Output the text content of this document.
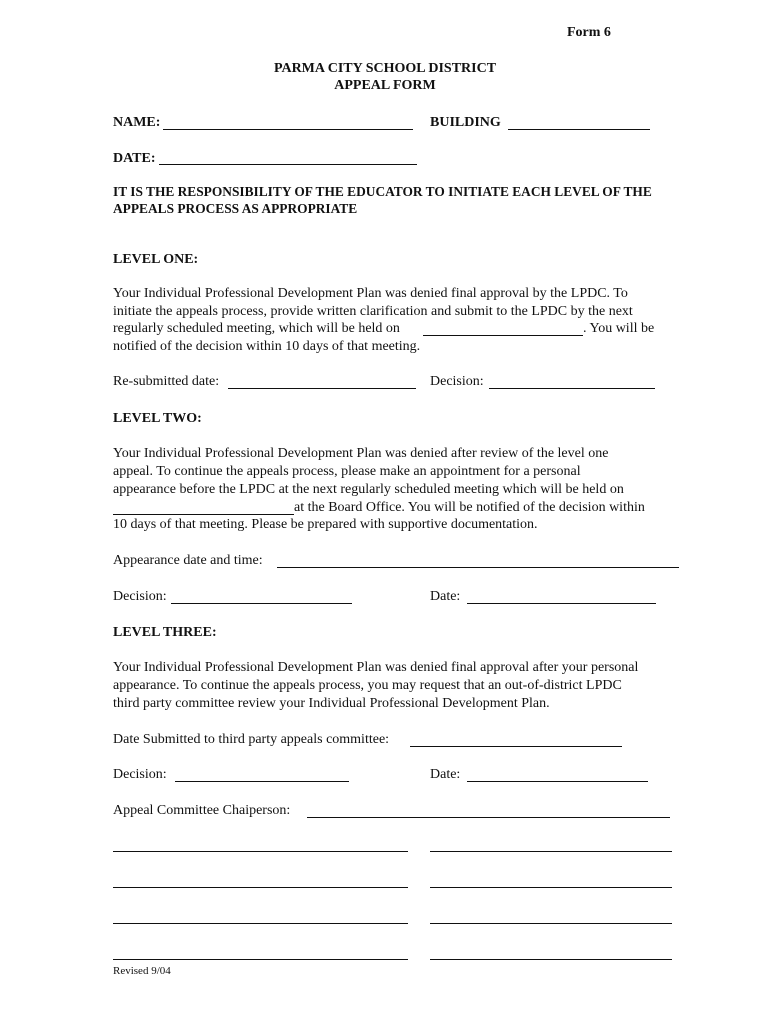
Form 6
PARMA CITY SCHOOL DISTRICT
APPEAL FORM
NAME:	BUILDING
DATE:
IT IS THE RESPONSIBILITY OF THE EDUCATOR TO INITIATE EACH LEVEL OF THE
APPEALS PROCESS AS APPROPRIATE
LEVEL ONE:
Your Individual Professional Development Plan was denied final approval by the LPDC. To
initiate the appeals process, provide written clarification and submit to the LPDC by the next
regularly scheduled meeting, which will be held on	. You will be
notified of the decision within 10 days of that meeting.
Re-submitted date:	Decision:
LEVEL TWO:
Your Individual Professional Development Plan was denied after review of the level one
appeal. To continue the appeals process, please make an appointment for a personal
appearance before the LPDC at the next regularly scheduled meeting which will be held on
at the Board Office. You will be notified of the decision within
10 days of that meeting. Please be prepared with supportive documentation.
Appearance date and time:
Decision:	Date:
LEVEL THREE:
Your Individual Professional Development Plan was denied final approval after your personal
appearance. To continue the appeals process, you may request that an out-of-district LPDC
third party committee review your Individual Professional Development Plan.
Date Submitted to third party appeals committee:
Decision:	Date:
Appeal Committee Chaiperson:
Revised 9/04
